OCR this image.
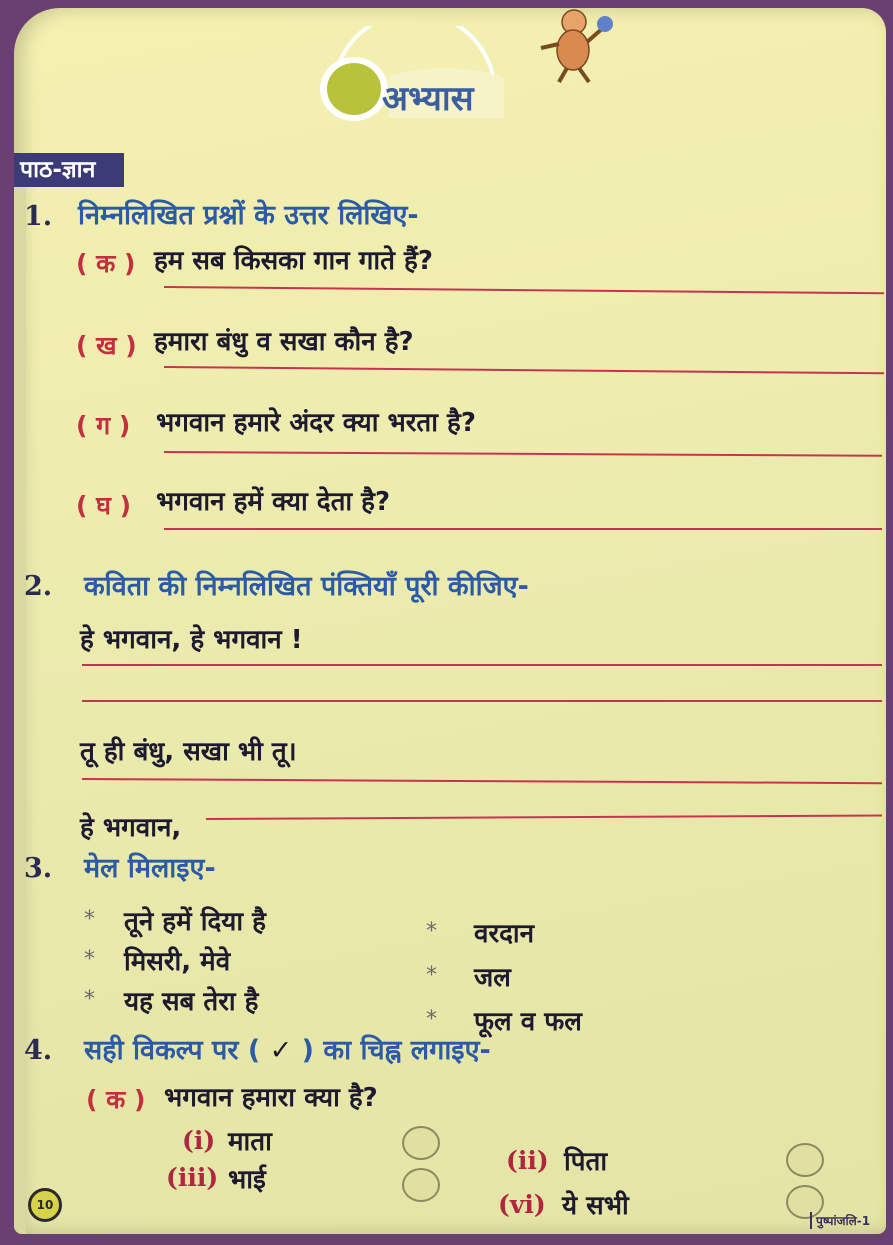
अभ्यास
पाठ-ज्ञान
1. निम्नलिखित प्रश्नों के उत्तर लिखिए-
( क ) हम सब किसका गान गाते हैं?
( ख ) हमारा बंधु व सखा कौन है?
( ग ) भगवान हमारे अंदर क्या भरता है?
( घ ) भगवान हमें क्या देता है?
2. कविता की निम्नलिखित पंक्तियाँ पूरी कीजिए-
हे भगवान, हे भगवान !
तू ही बंधु, सखा भी तू।
हे भगवान,
3. मेल मिलाइए-
* तूने हमें दिया है
* मिसरी, मेवे
* यह सब तेरा है
* वरदान
* जल
* फूल व फल
4. सही विकल्प पर ( ✓ ) का चिह्न लगाइए-
( क ) भगवान हमारा क्या है?
(i) माता
(iii) भाई
(ii) पिता
(vi) ये सभी
10
पुष्पांजलि-1
